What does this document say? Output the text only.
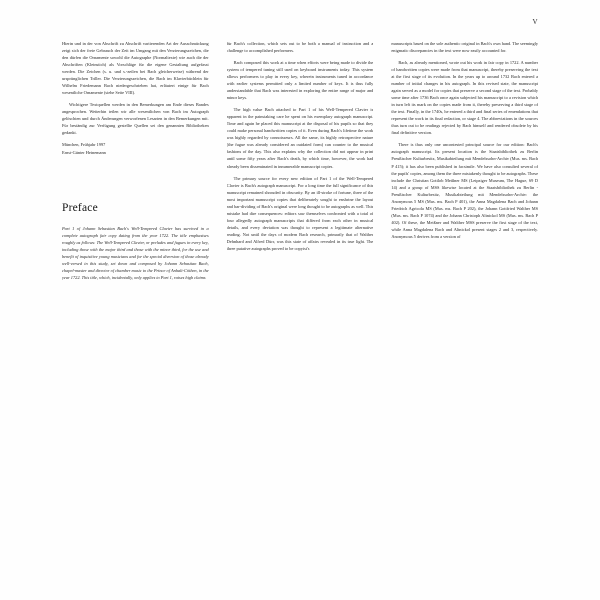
V

Hierin und in der von Abschrift zu Abschrift variierenden Art der Ausschmückung zeigt sich der freie Gebrauch der Zeit im Umgang mit den Verzierungszeichen, die den dürfen die Ornamente sowohl die Autographe (Normaltexte) wie auch die der Abschriften (Kleinstich) als Vorschläge für die eigene Gestaltung aufgefasst werden. Die Zeichen (s. u. und s.-zeilen bei Bach gleicherweise) während der ursprünglichen Triller. Die Verzierungszeichen, die Bach im Klavierbüchlein für Wilhelm Friedemann Bach niedergeschrieben hat, erläutert einige für Bach wesentliche Ornamente (siehe Seite VIII).

Wichtigere Textquellen werden in den Bemerkungen am Ende dieses Bandes angesprochen. Weiterhin teilen wir alle wesentlichen von Bach im Autograph gelöschten und durch Änderungen verworfenen Lesarten in den Bemerkungen mit. Für beständig zur Verfügung gestellte Quellen sei den genannten Bibliotheken gedankt.

München, Frühjahr 1997

Ernst-Günter Heinemann

Preface

Part 1 of Johann Sebastian Bach's Well-Tempered Clavier has survived in a complete autograph fair copy dating from the year 1722. The title emphasises roughly as follows: The Well-Tempered Clavier, or preludes and fugues in every key, including those with the major third and those with the minor third, for the use and benefit of inquisitive young musicians and for the special diversion of those already well-versed in this study, set down and composed by Johann Sebastian Bach, chapel-master and director of chamber music to the Prince of Anhalt-Cöthen, in the year 1722. This title, which, incidentally, only applies to Part 1, raises high claims

für Bach's collection, which sets out to be both a manual of instruction and a challenge to accomplished performers.

Bach composed this work at a time when efforts were being made to divide the system of tempered tuning still used on keyboard instruments today. This system allows performers to play in every key, wherein instruments tuned in accordance with earlier systems permitted only a limited number of keys. It is thus fully understandable that Bach was interested in exploring the entire range of major and minor keys.

The high value Bach attached to Part 1 of his Well-Tempered Clavier is apparent in the painstaking care he spent on his exemplary autograph manuscript. Time and again he placed this manuscript at the disposal of his pupils so that they could make personal handwritten copies of it. Even during Bach's lifetime the work was highly regarded by connoisseurs. All the same, its highly retrospective nature (the fugue was already considered an outdated form) can counter to the musical fashions of the day. This also explains why the collection did not appear in print until some fifty years after Bach's death, by which time, however, the work had already been disseminated in innumerable manuscript copies.

The primary source for every new edition of Part 1 of the Well-Tempered Clavier is Bach's autograph manuscript. For a long time the full significance of this manuscript remained shrouded in obscurity. By an ill-stroke of fortune, three of the most important manuscript copies that deliberately sought to enshrine the layout and bar-dividing of Bach's original were long thought to be autographs as well. This mistake had dire consequences: editors saw themselves confronted with a total of four allegedly autograph manuscripts that differed from each other in musical details, and every deviation was thought to represent a legitimate alternative reading. Not until the days of modern Bach research, primarily that of Walther Dehnhard and Alfred Dürr, was this state of affairs revealed in its true light. The three putative autographs proved to be copyist's

manuscripts based on the sole authentic original in Bach's own hand. The seemingly enigmatic discrepancies in the text were now easily accounted for.

Bach, as already mentioned, wrote out his work in fair copy in 1722. A number of handwritten copies were made from that manuscript, thereby preserving the text at the first stage of its evolution. In the years up to around 1732 Bach entered a number of initial changes in his autograph. In this revised state, the manuscript again served as a model for copies that preserve a second stage of the text. Probably some time after 1736 Bach once again subjected his manuscript to a revision which in turn left its mark on the copies made from it, thereby preserving a third stage of the text. Finally, in the 1740s, he entered a third and final series of emendations that represent the work in its final redaction, or stage 4. The abbreviations in the sources thus turn out to be readings rejected by Bach himself and rendered obsolete by his final definitive version.

There is thus only one uncontested principal source for our edition: Bach's autograph manuscript. Its present location is the Staatsbibliothek zu Berlin Preußischer Kulturbesitz, Musikabteilung mit Mendelssohn-Archiv (Mus. ms. Bach P 415); it has also been published in facsimile. We have also consulted several of the pupils' copies, among them the three mistakenly thought to be autographs. These include the Christian Gottlob Meißner MS (Leipziger Museum, The Hague, 69 D 14) and a group of MSS likewise located at the Staatsbibliothek zu Berlin - Preußischer Kulturbesitz, Musikabteilung mit Mendelssohn-Archiv: the Anonymous 5 MS (Mus. ms. Bach P 401), the Anna Magdalena Bach and Johann Friedrich Agricola MS (Mus. ms. Bach P 202), the Johann Gottfried Walther MS (Mus. ms. Bach P 1074) and the Johann Christoph Altnickol MS (Mus. ms. Bach P 402). Of these, the Meißner and Walther MSS preserve the first stage of the text, while Anna Magdalena Bach and Altnickol present stages 2 and 3, respectively. Anonymous 5 derives from a version of
